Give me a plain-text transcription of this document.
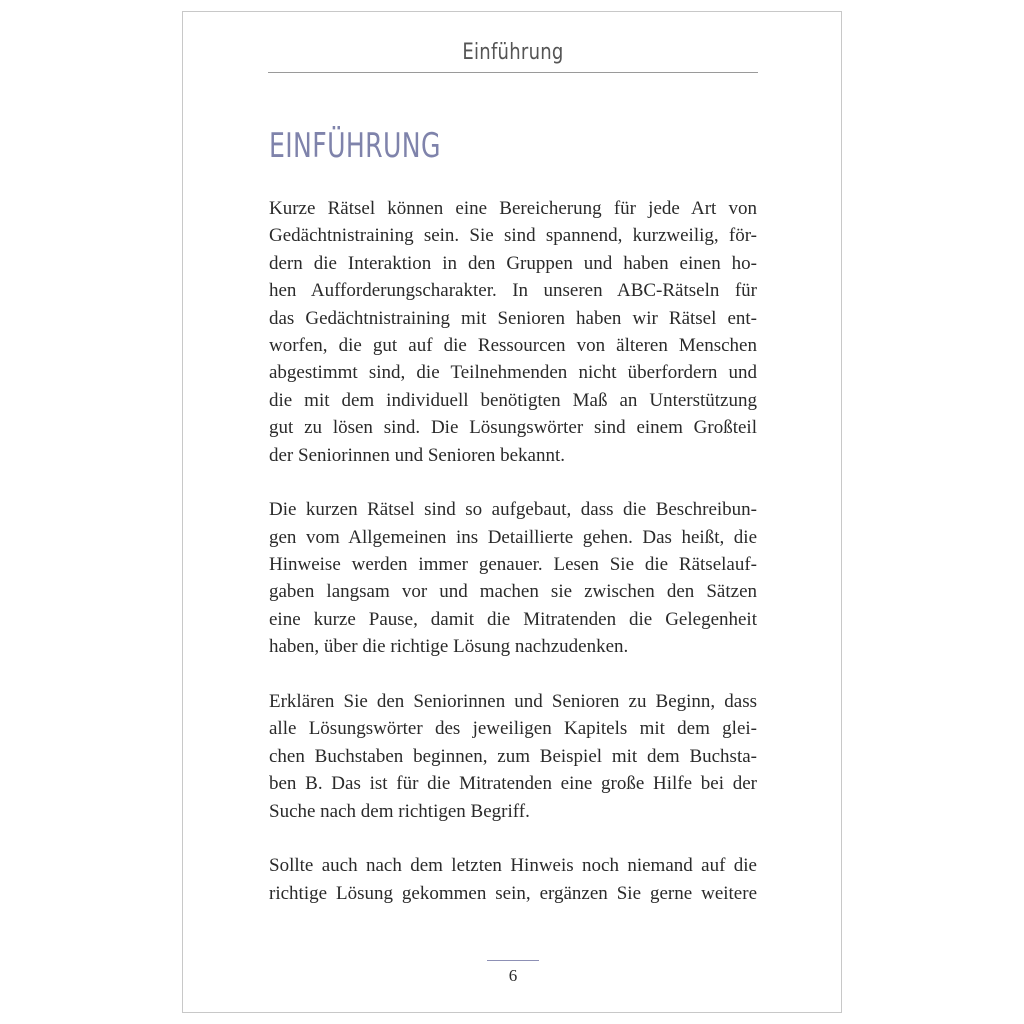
Einführung
EINFÜHRUNG

Kurze Rätsel können eine Bereicherung für jede Art von
Gedächtnistraining sein. Sie sind spannend, kurzweilig, för-
dern die Interaktion in den Gruppen und haben einen ho-
hen Aufforderungscharakter. In unseren ABC-Rätseln für
das Gedächtnistraining mit Senioren haben wir Rätsel ent-
worfen, die gut auf die Ressourcen von älteren Menschen
abgestimmt sind, die Teilnehmenden nicht überfordern und
die mit dem individuell benötigten Maß an Unterstützung
gut zu lösen sind. Die Lösungswörter sind einem Großteil
der Seniorinnen und Senioren bekannt.

Die kurzen Rätsel sind so aufgebaut, dass die Beschreibun-
gen vom Allgemeinen ins Detaillierte gehen. Das heißt, die
Hinweise werden immer genauer. Lesen Sie die Rätselauf-
gaben langsam vor und machen sie zwischen den Sätzen
eine kurze Pause, damit die Mitratenden die Gelegenheit
haben, über die richtige Lösung nachzudenken.

Erklären Sie den Seniorinnen und Senioren zu Beginn, dass
alle Lösungswörter des jeweiligen Kapitels mit dem glei-
chen Buchstaben beginnen, zum Beispiel mit dem Buchsta-
ben B. Das ist für die Mitratenden eine große Hilfe bei der
Suche nach dem richtigen Begriff.

Sollte auch nach dem letzten Hinweis noch niemand auf die
richtige Lösung gekommen sein, ergänzen Sie gerne weitere

6
